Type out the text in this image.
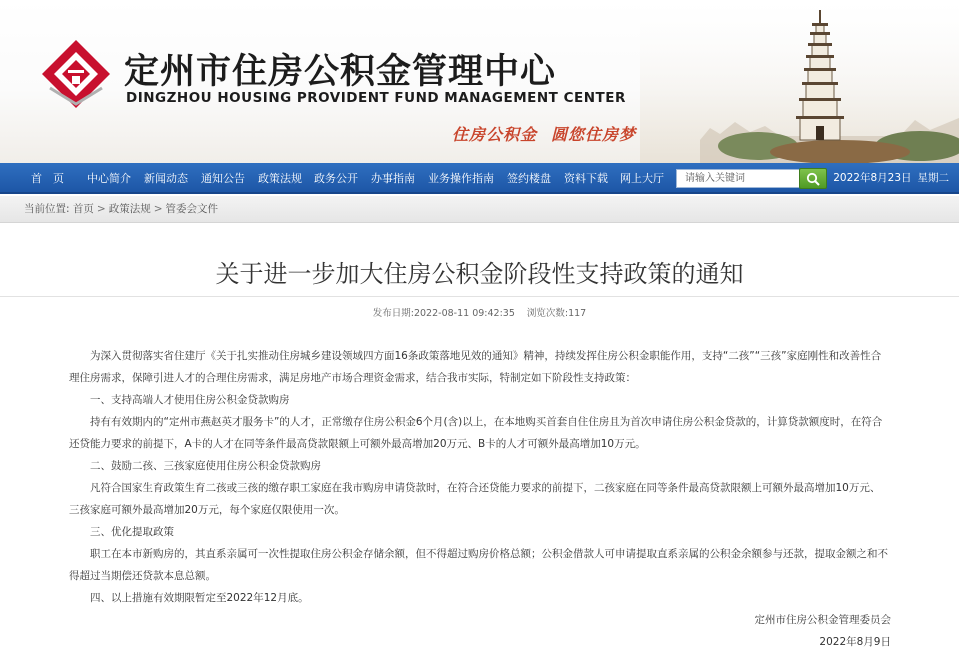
定州市住房公积金管理中心
DINGZHOU HOUSING PROVIDENT FUND MANAGEMENT CENTER
住房公积金 圆您住房梦
首　页 中心简介 新闻动态 通知公告 政策法规 政务公开 办事指南 业务操作指南 签约楼盘 资料下载 网上大厅	请输入关键词	2022年8月23日 星期二
当前位置: 首页 > 政策法规 > 管委会文件
关于进一步加大住房公积金阶段性支持政策的通知
发布日期:2022-08-11 09:42:35 浏览次数:117

为深入贯彻落实省住建厅《关于扎实推动住房城乡建设领域四方面16条政策落地见效的通知》精神，持续发挥住房公积金职能作用，支持“二孩”“三孩”家庭刚性和改善性合理住房需求，保障引进人才的合理住房需求，满足房地产市场合理资金需求，结合我市实际，特制定如下阶段性支持政策：

一、支持高端人才使用住房公积金贷款购房

持有有效期内的“定州市燕赵英才服务卡”的人才，正常缴存住房公积金6个月(含)以上，在本地购买首套自住住房且为首次申请住房公积金贷款的，计算贷款额度时，在符合还贷能力要求的前提下，A卡的人才在同等条件最高贷款限额上可额外最高增加20万元、B卡的人才可额外最高增加10万元。

二、鼓励二孩、三孩家庭使用住房公积金贷款购房

凡符合国家生育政策生育二孩或三孩的缴存职工家庭在我市购房申请贷款时，在符合还贷能力要求的前提下，二孩家庭在同等条件最高贷款限额上可额外最高增加10万元、三孩家庭可额外最高增加20万元，每个家庭仅限使用一次。

三、优化提取政策

职工在本市新购房的，其直系亲属可一次性提取住房公积金存储余额，但不得超过购房价格总额；公积金借款人可申请提取直系亲属的公积金余额参与还款，提取金额之和不得超过当期偿还贷款本息总额。

四、以上措施有效期限暂定至2022年12月底。

定州市住房公积金管理委员会
2022年8月9日
